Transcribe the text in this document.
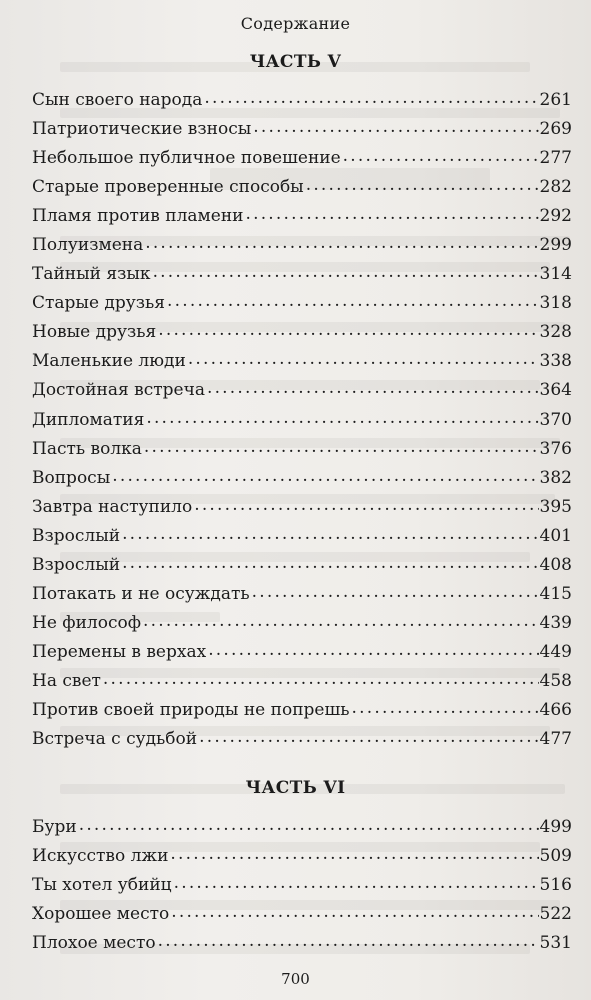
Содержание
ЧАСТЬ V
Сын своего народа . . .	261
Патриотические взносы . . .	269
Небольшое публичное повешение . . .	277
Старые проверенные способы . . .	282
Пламя против пламени . . .	292
Полуизмена . . .	299
Тайный язык . . .	314
Старые друзья . . .	318
Новые друзья . . .	328
Маленькие люди . . .	338
Достойная встреча . . .	364
Дипломатия . . .	370
Пасть волка . . .	376
Вопросы . . .	382
Завтра наступило . . .	395
Взрослый . . .	401
Взрослый . . .	408
Потакать и не осуждать . . .	415
Не философ . . .	439
Перемены в верхах . . .	449
На свет . . .	458
Против своей природы не попрешь . . .	466
Встреча с судьбой . . .	477
ЧАСТЬ VI
Бури . . .	499
Искусство лжи . . .	509
Ты хотел убийц . . .	516
Хорошее место . . .	522
Плохое место . . .	531
700
